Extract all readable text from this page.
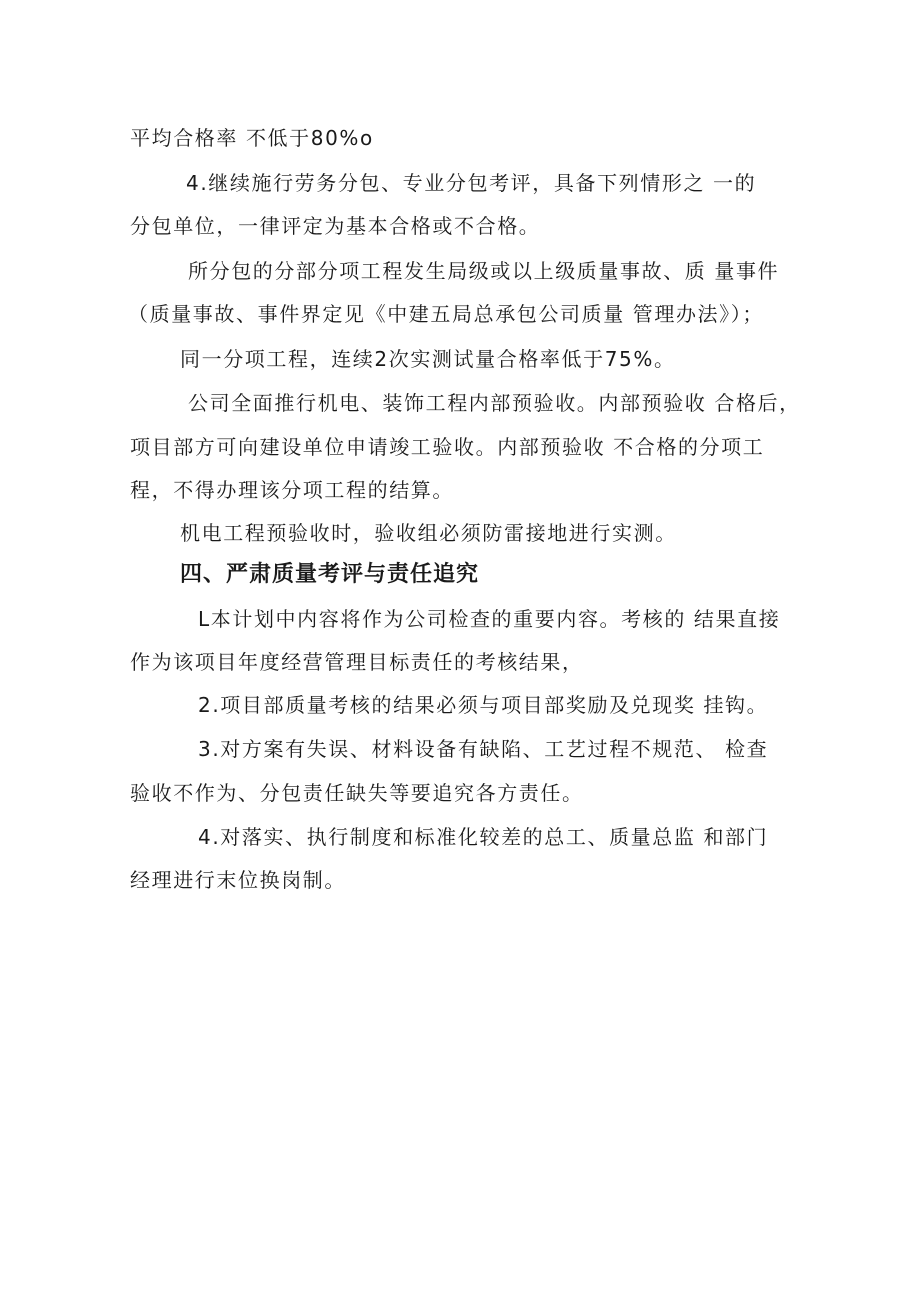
平均合格率 不低于80%o
4.继续施行劳务分包、专业分包考评，具备下列情形之 一的
分包单位，一律评定为基本合格或不合格。
所分包的分部分项工程发生局级或以上级质量事故、质 量事件
（质量事故、事件界定见《中建五局总承包公司质量 管理办法》）；
同一分项工程，连续2次实测试量合格率低于75%。
公司全面推行机电、装饰工程内部预验收。内部预验收 合格后，
项目部方可向建设单位申请竣工验收。内部预验收 不合格的分项工
程，不得办理该分项工程的结算。
机电工程预验收时，验收组必须防雷接地进行实测。
四、严肃质量考评与责任追究
L本计划中内容将作为公司检查的重要内容。考核的 结果直接
作为该项目年度经营管理目标责任的考核结果，
2.项目部质量考核的结果必须与项目部奖励及兑现奖 挂钩。
3.对方案有失误、材料设备有缺陷、工艺过程不规范、 检查
验收不作为、分包责任缺失等要追究各方责任。
4.对落实、执行制度和标准化较差的总工、质量总监 和部门
经理进行末位换岗制。
